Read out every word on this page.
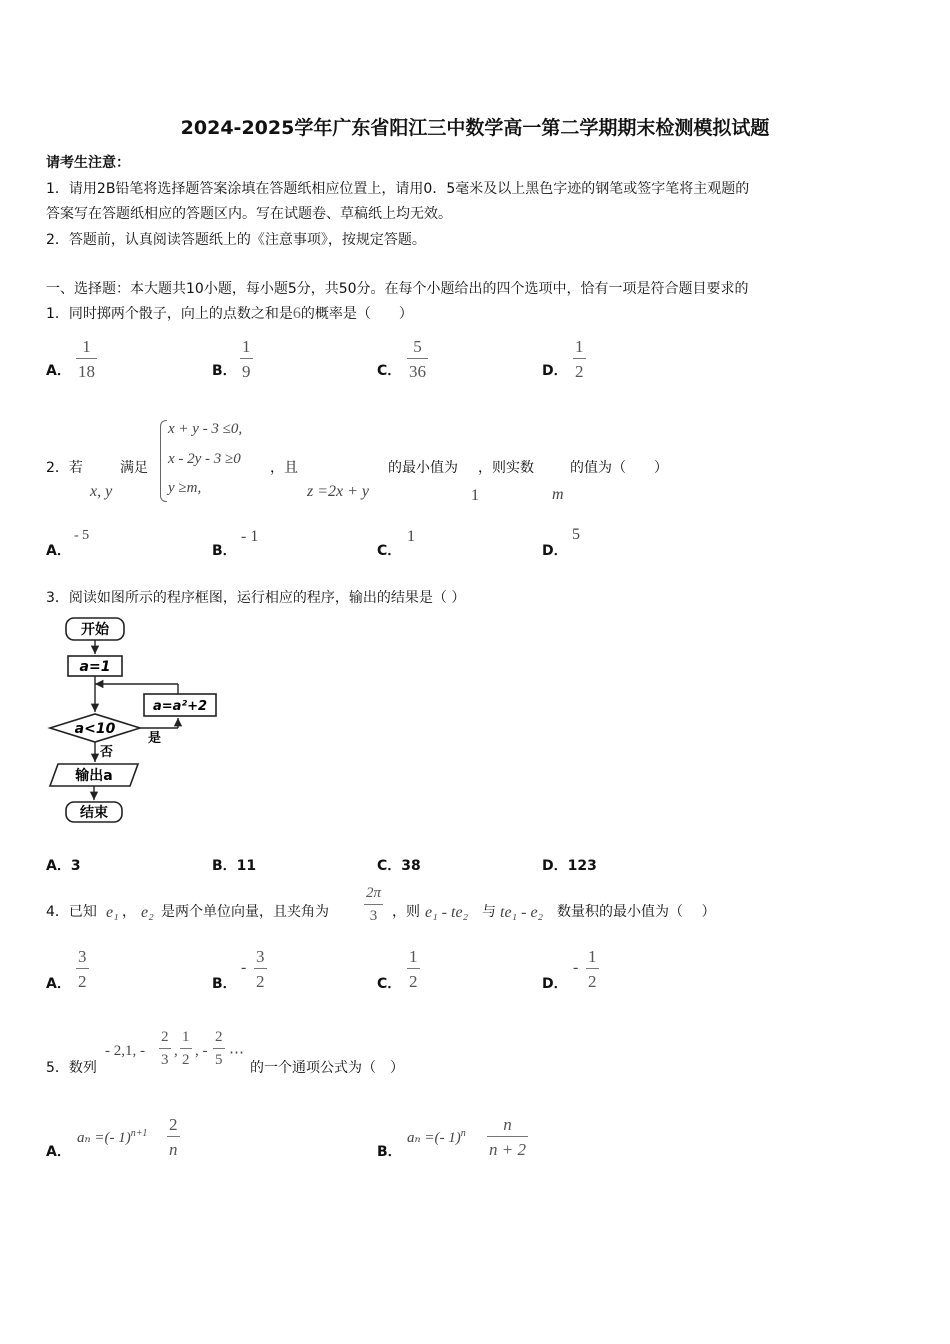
2024-2025学年广东省阳江三中数学高一第二学期期末检测模拟试题
请考生注意：
1．请用2B铅笔将选择题答案涂填在答题纸相应位置上，请用0．5毫米及以上黑色字迹的钢笔或签字笔将主观题的
答案写在答题纸相应的答题区内。写在试题卷、草稿纸上均无效。
2．答题前，认真阅读答题纸上的《注意事项》，按规定答题。
一、选择题：本大题共10小题，每小题5分，共50分。在每个小题给出的四个选项中，恰有一项是符合题目要求的
1．同时掷两个骰子，向上的点数之和是6的概率是（　　）
A．
1
18	B．
1
9	C．
5
36	D．
1
2
2．若
x, y
满足
x + y - 3 ≤0,
x - 2y - 3 ≥0
y ≥m,
，且
z =2x + y
的最小值为
1
，则实数
m
的值为（　　）
A．
- 5
B．
- 1
C．
1
D．
5
3．阅读如图所示的程序框图，运行相应的程序，输出的结果是（ ）
开始
a=1
a=a²+2
a<10
是
否
输出a
结束
A．3	B．11	C．38	D．123
4．已知 e₁ ， e₂ 是两个单位向量，且夹角为
2π
3 ，则 e₁ - te₂ 与 te₁ - e₂ 数量积的最小值为（　 ）
A．
3
2	B．
-
3
2	C．
1
2	D．
-
1
2
5．数列
- 2,1, -
2
3
,
1
2
, -
2
5 ⋯
的一个通项公式为（　）
A．
aₙ =(- 1)$^{n+1}$ 2
n	B．
aₙ =(- 1)$^n$ n
n + 2
